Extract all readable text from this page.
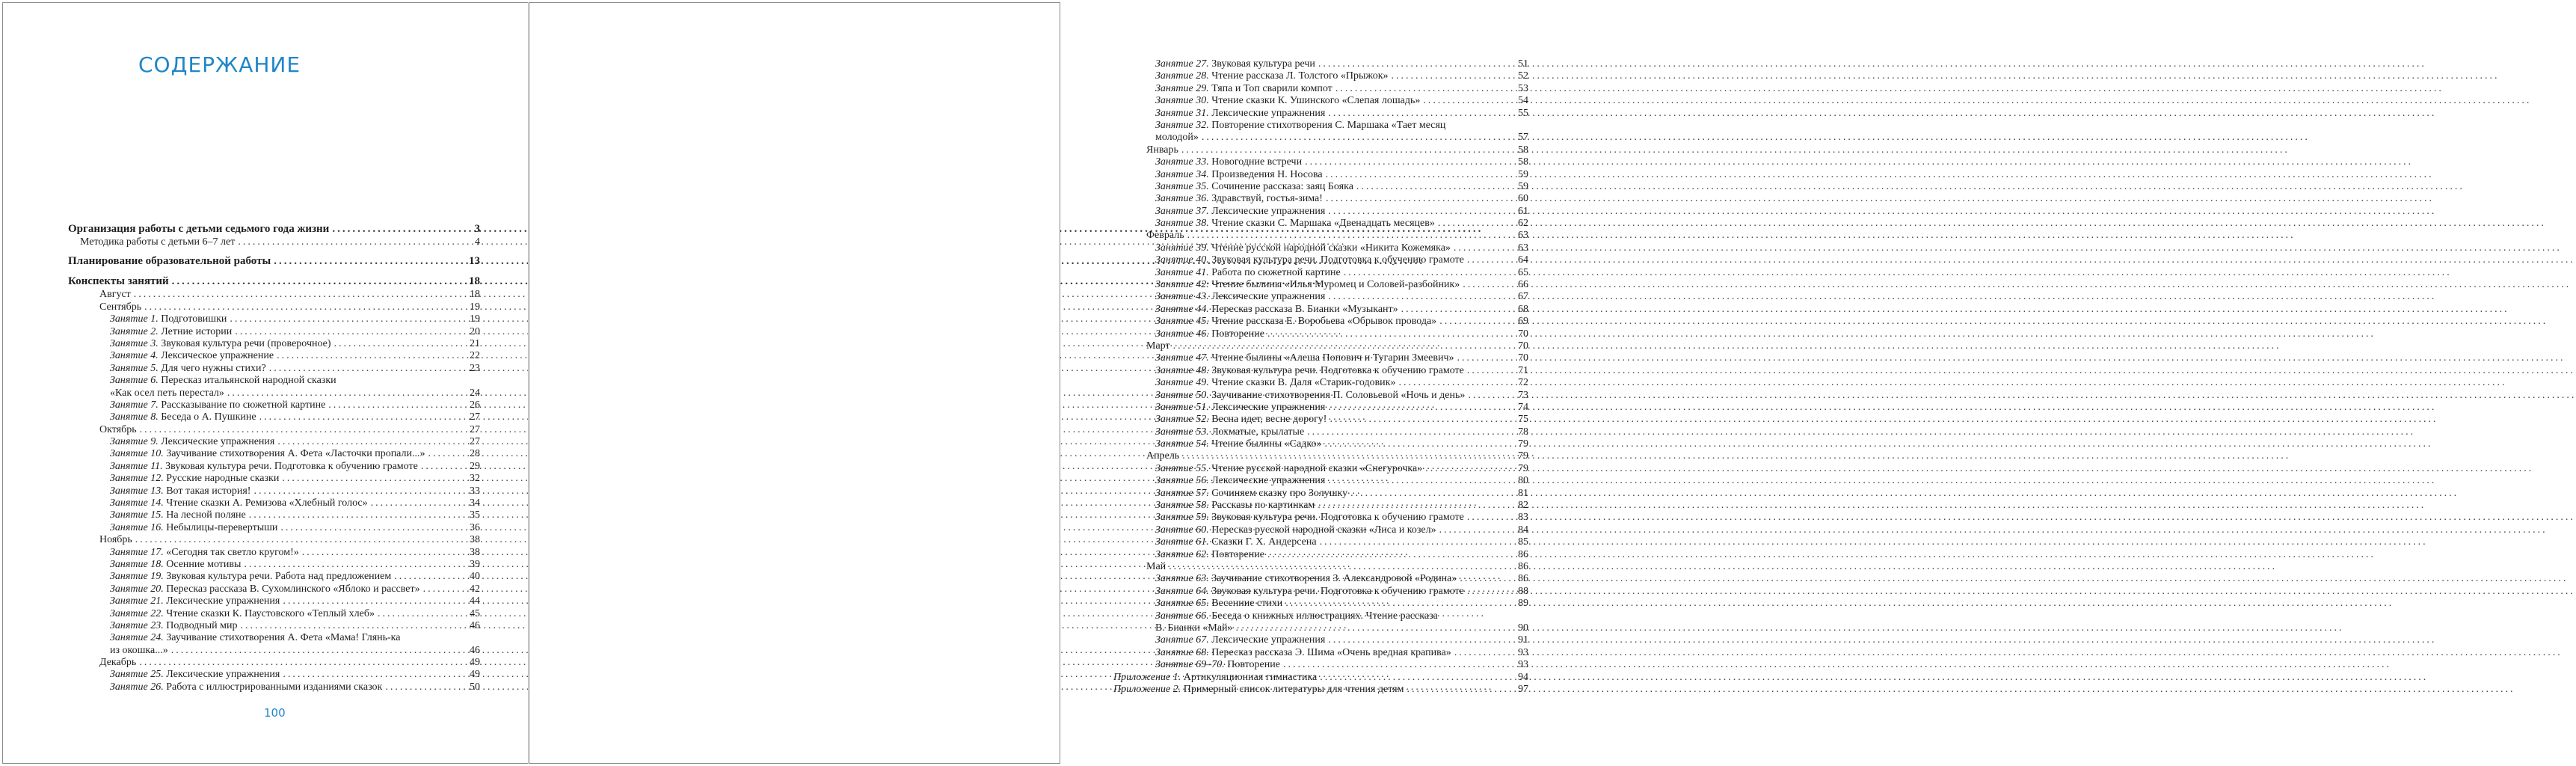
СОДЕРЖАНИЕ
Организация работы с детьми седьмого года жизни .....	3
Методика работы с детьми 6–7 лет .....	4
Планирование образовательной работы .....	13
Конспекты занятий .....	18
Август .....	18
Сентябрь .....	19
Занятие 1. Подготовишки .....	19
Занятие 2. Летние истории .....	20
Занятие 3. Звуковая культура речи (проверочное) .....	21
Занятие 4. Лексическое упражнение .....	22
Занятие 5. Для чего нужны стихи? .....	23
Занятие 6. Пересказ итальянской народной сказки
«Как осел петь перестал» .....	24
Занятие 7. Рассказывание по сюжетной картине .....	26
Занятие 8. Беседа о А. Пушкине .....	27
Октябрь .....	27
Занятие 9. Лексические упражнения .....	27
Занятие 10. Заучивание стихотворения А. Фета «Ласточки пропали...» .....	28
Занятие 11. Звуковая культура речи. Подготовка к обучению грамоте .....	29
Занятие 12. Русские народные сказки .....	32
Занятие 13. Вот такая история! .....	33
Занятие 14. Чтение сказки А. Ремизова «Хлебный голос» .....	34
Занятие 15. На лесной поляне .....	35
Занятие 16. Небылицы-перевертыши .....	36
Ноябрь .....	38
Занятие 17. «Сегодня так светло кругом!» .....	38
Занятие 18. Осенние мотивы .....	39
Занятие 19. Звуковая культура речи. Работа над предложением .....	40
Занятие 20. Пересказ рассказа В. Сухомлинского «Яблоко и рассвет» .....	42
Занятие 21. Лексические упражнения .....	44
Занятие 22. Чтение сказки К. Паустовского «Теплый хлеб» .....	45
Занятие 23. Подводный мир .....	46
Занятие 24. Заучивание стихотворения А. Фета «Мама! Глянь-ка
из окошка...» .....	46
Декабрь .....	49
Занятие 25. Лексические упражнения .....	49
Занятие 26. Работа с иллюстрированными изданиями сказок .....	50
100
Занятие 27. Звуковая культура речи .....	51
Занятие 28. Чтение рассказа Л. Толстого «Прыжок» .....	52
Занятие 29. Тяпа и Топ сварили компот .....	53
Занятие 30. Чтение сказки К. Ушинского «Слепая лошадь» .....	54
Занятие 31. Лексические упражнения .....	55
Занятие 32. Повторение стихотворения С. Маршака «Тает месяц
молодой» .....	57
Январь .....	58
Занятие 33. Новогодние встречи .....	58
Занятие 34. Произведения Н. Носова .....	59
Занятие 35. Сочинение рассказа: заяц Бояка .....	59
Занятие 36. Здравствуй, гостья-зима! .....	60
Занятие 37. Лексические упражнения .....	61
Занятие 38. Чтение сказки С. Маршака «Двенадцать месяцев» .....	62
Февраль .....	63
Занятие 39. Чтение русской народной сказки «Никита Кожемяка» .....	63
Занятие 40. Звуковая культура речи. Подготовка к обучению грамоте .....	64
Занятие 41. Работа по сюжетной картине .....	65
Занятие 42. Чтение былины «Илья Муромец и Соловей-разбойник» .....	66
Занятие 43. Лексические упражнения .....	67
Занятие 44. Пересказ рассказа В. Бианки «Музыкант» .....	68
Занятие 45. Чтение рассказа Е. Воробьева «Обрывок провода» .....	69
Занятие 46. Повторение .....	70
Март .....	70
Занятие 47. Чтение былины «Алеша Попович и Тугарин Змеевич» .....	70
Занятие 48. Звуковая культура речи. Подготовка к обучению грамоте .....	71
Занятие 49. Чтение сказки В. Даля «Старик-годовик» .....	72
Занятие 50. Заучивание стихотворения П. Соловьевой «Ночь и день» .....	73
Занятие 51. Лексические упражнения .....	74
Занятие 52. Весна идет, весне дорогу! .....	75
Занятие 53. Лохматые, крылатые .....	78
Занятие 54. Чтение былины «Садко» .....	79
Апрель .....	79
Занятие 55. Чтение русской народной сказки «Снегурочка» .....	79
Занятие 56. Лексические упражнения .....	80
Занятие 57. Сочиняем сказку про Золушку .....	81
Занятие 58. Рассказы по картинкам .....	82
Занятие 59. Звуковая культура речи. Подготовка к обучению грамоте .....	83
Занятие 60. Пересказ русской народной сказки «Лиса и козел» .....	84
Занятие 61. Сказки Г. Х. Андерсена .....	85
Занятие 62. Повторение .....	86
Май .....	86
Занятие 63. Заучивание стихотворения З. Александровой «Родина» .....	86
Занятие 64. Звуковая культура речи. Подготовка к обучению грамоте .....	88
Занятие 65. Весенние стихи .....	89
Занятие 66. Беседа о книжных иллюстрациях. Чтение рассказа
В. Бианки «Май» .....	90
Занятие 67. Лексические упражнения .....	91
Занятие 68. Пересказ рассказа Э. Шима «Очень вредная крапива» .....	93
Занятие 69–70. Повторение .....	93
Приложение 1. Артикуляционная гимнастика .....	94
Приложение 2. Примерный список литературы для чтения детям .....	97
